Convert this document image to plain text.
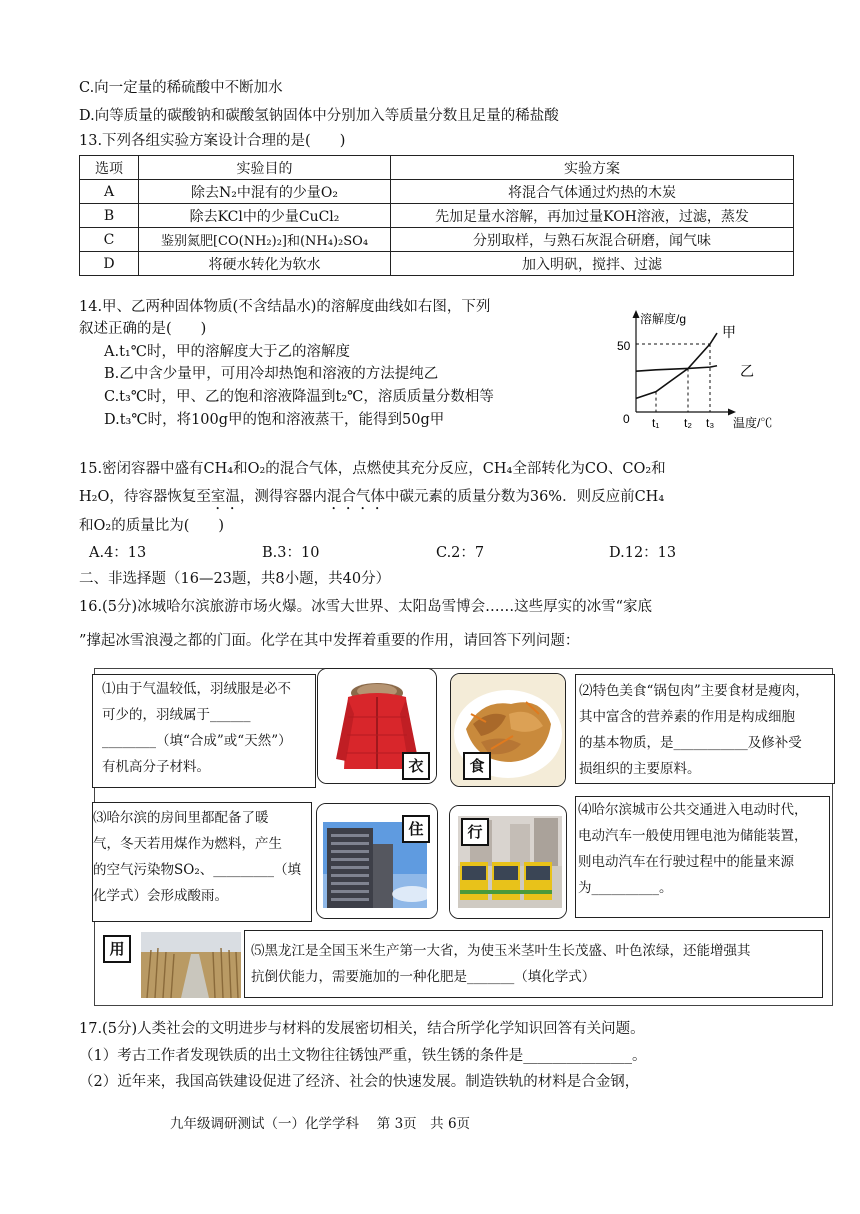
C.向一定量的稀硫酸中不断加水
D.向等质量的碳酸钠和碳酸氢钠固体中分别加入等质量分数且足量的稀盐酸
13.下列各组实验方案设计合理的是(　　)
选项	实验目的	实验方案
A	除去N₂中混有的少量O₂	将混合气体通过灼热的木炭
B	除去KCl中的少量CuCl₂	先加足量水溶解，再加过量KOH溶液，过滤，蒸发
C	鉴别氮肥[CO(NH₂)₂]和(NH₄)₂SO₄	分别取样，与熟石灰混合研磨，闻气味
D	将硬水转化为软水	加入明矾，搅拌、过滤
14.甲、乙两种固体物质(不含结晶水)的溶解度曲线如右图，下列
叙述正确的是(　　)
A.t₁℃时，甲的溶解度大于乙的溶解度
B.乙中含少量甲，可用冷却热饱和溶液的方法提纯乙
C.t₃℃时，甲、乙的饱和溶液降温到t₂℃，溶质质量分数相等
D.t₃℃时，将100g甲的饱和溶液蒸干，能得到50g甲
溶解度/g
温度/℃
0
50
t₁ t₂ t₃
甲
乙
15.密闭容器中盛有CH₄和O₂的混合气体，点燃使其充分反应，CH₄全部转化为CO、CO₂和
H₂O，待容器恢复至室温，测得容器内混合气体中碳元素的质量分数为36%．则反应前CH₄
和O₂的质量比为(　　)
A.4：13	B.3：10	C.2：7	D.12：13
二、非选择题（16—23题，共8小题，共40分）
16.(5分)冰城哈尔滨旅游市场火爆。冰雪大世界、太阳岛雪博会……这些厚实的冰雪“家底
”撑起冰雪浪漫之都的门面。化学在其中发挥着重要的作用，请回答下列问题：
⑴由于气温较低，羽绒服是必不
可少的，羽绒属于______
________（填“合成”或“天然”）
有机高分子材料。	衣	食
⑵特色美食“锅包肉”主要食材是瘦肉，
其中富含的营养素的作用是构成细胞
的基本物质，是___________及修补受
损组织的主要原料。
⑶哈尔滨的房间里都配备了暖
气，冬天若用煤作为燃料，产生
的空气污染物SO₂、_________（填
化学式）会形成酸雨。
住	行
⑷哈尔滨城市公共交通进入电动时代，
电动汽车一般使用锂电池为储能装置，
则电动汽车在行驶过程中的能量来源
为__________。
用	⑸黑龙江是全国玉米生产第一大省，为使玉米茎叶生长茂盛、叶色浓绿，还能增强其
抗倒伏能力，需要施加的一种化肥是_______（填化学式）
17.(5分)人类社会的文明进步与材料的发展密切相关，结合所学化学知识回答有关问题。
（1）考古工作者发现铁质的出土文物往往锈蚀严重，铁生锈的条件是_______________。
（2）近年来，我国高铁建设促进了经济、社会的快速发展。制造铁轨的材料是合金钢，
九年级调研测试（一）化学学科　 第 3页　共 6页
